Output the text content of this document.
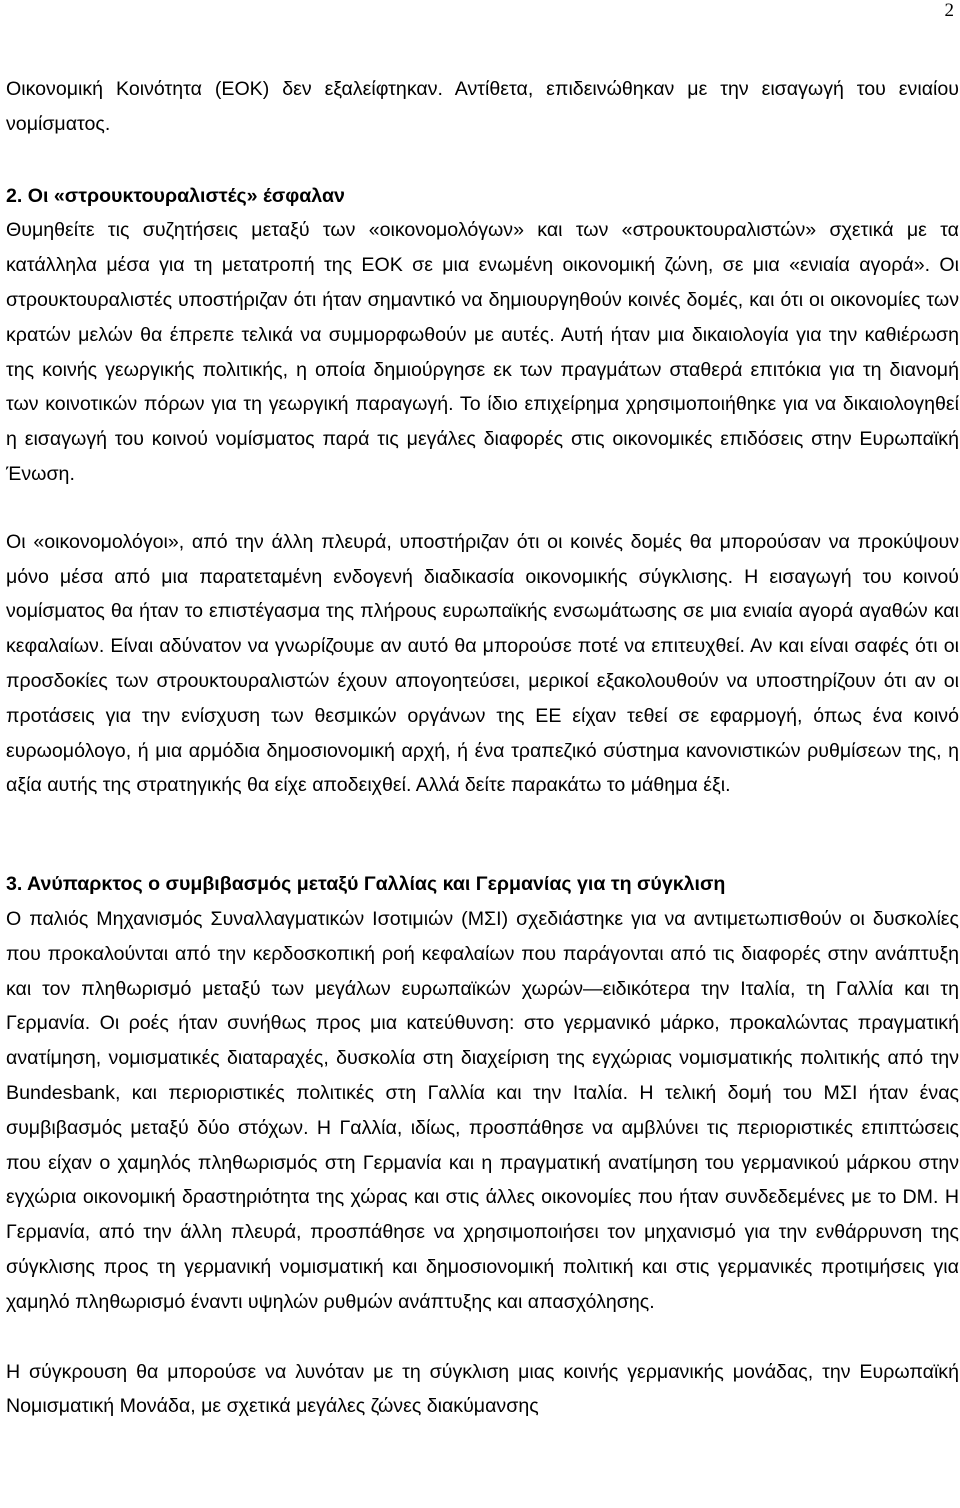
2

Οικονομική Κοινότητα (ΕΟΚ) δεν εξαλείφτηκαν. Αντίθετα, επιδεινώθηκαν με την εισαγωγή του ενιαίου νομίσματος.

2. Οι «στρουκτουραλιστές» έσφαλαν

Θυμηθείτε τις συζητήσεις μεταξύ των «οικονομολόγων» και των «στρουκτουραλιστών» σχετικά με τα κατάλληλα μέσα για τη μετατροπή της ΕΟΚ σε μια ενωμένη οικονομική ζώνη, σε μια «ενιαία αγορά». Οι στρουκτουραλιστές υποστήριζαν ότι ήταν σημαντικό να δημιουργηθούν κοινές δομές, και ότι οι οικονομίες των κρατών μελών θα έπρεπε τελικά να συμμορφωθούν με αυτές. Αυτή ήταν μια δικαιολογία για την καθιέρωση της κοινής γεωργικής πολιτικής, η οποία δημιούργησε εκ των πραγμάτων σταθερά επιτόκια για τη διανομή των κοινοτικών πόρων για τη γεωργική παραγωγή. Το ίδιο επιχείρημα χρησιμοποιήθηκε για να δικαιολογηθεί η εισαγωγή του κοινού νομίσματος παρά τις μεγάλες διαφορές στις οικονομικές επιδόσεις στην Ευρωπαϊκή Ένωση.

Οι «οικονομολόγοι», από την άλλη πλευρά, υποστήριζαν ότι οι κοινές δομές θα μπορούσαν να προκύψουν μόνο μέσα από μια παρατεταμένη ενδογενή διαδικασία οικονομικής σύγκλισης. Η εισαγωγή του κοινού νομίσματος θα ήταν το επιστέγασμα της πλήρους ευρωπαϊκής ενσωμάτωσης σε μια ενιαία αγορά αγαθών και κεφαλαίων. Είναι αδύνατον να γνωρίζουμε αν αυτό θα μπορούσε ποτέ να επιτευχθεί. Αν και είναι σαφές ότι οι προσδοκίες των στρουκτουραλιστών έχουν απογοητεύσει, μερικοί εξακολουθούν να υποστηρίζουν ότι αν οι προτάσεις για την ενίσχυση των θεσμικών οργάνων της ΕΕ είχαν τεθεί σε εφαρμογή, όπως ένα κοινό ευρωομόλογο, ή μια αρμόδια δημοσιονομική αρχή, ή ένα τραπεζικό σύστημα κανονιστικών ρυθμίσεων της, η αξία αυτής της στρατηγικής θα είχε αποδειχθεί. Αλλά δείτε παρακάτω το μάθημα έξι.

3. Ανύπαρκτος ο συμβιβασμός μεταξύ Γαλλίας και Γερμανίας για τη σύγκλιση

Ο παλιός Μηχανισμός Συναλλαγματικών Ισοτιμιών (ΜΣΙ) σχεδιάστηκε για να αντιμετωπισθούν οι δυσκολίες που προκαλούνται από την κερδοσκοπική ροή κεφαλαίων που παράγονται από τις διαφορές στην ανάπτυξη και τον πληθωρισμό μεταξύ των μεγάλων ευρωπαϊκών χωρών—ειδικότερα την Ιταλία, τη Γαλλία και τη Γερμανία. Οι ροές ήταν συνήθως προς μια κατεύθυνση: στο γερμανικό μάρκο, προκαλώντας πραγματική ανατίμηση, νομισματικές διαταραχές, δυσκολία στη διαχείριση της εγχώριας νομισματικής πολιτικής από την Bundesbank, και περιοριστικές πολιτικές στη Γαλλία και την Ιταλία. Η τελική δομή του ΜΣΙ ήταν ένας συμβιβασμός μεταξύ δύο στόχων. Η Γαλλία, ιδίως, προσπάθησε να αμβλύνει τις περιοριστικές επιπτώσεις που είχαν ο χαμηλός πληθωρισμός στη Γερμανία και η πραγματική ανατίμηση του γερμανικού μάρκου στην εγχώρια οικονομική δραστηριότητα της χώρας και στις άλλες οικονομίες που ήταν συνδεδεμένες με το DM. Η Γερμανία, από την άλλη πλευρά, προσπάθησε να χρησιμοποιήσει τον μηχανισμό για την ενθάρρυνση της σύγκλισης προς τη γερμανική νομισματική και δημοσιονομική πολιτική και στις γερμανικές προτιμήσεις για χαμηλό πληθωρισμό έναντι υψηλών ρυθμών ανάπτυξης και απασχόλησης.

Η σύγκρουση θα μπορούσε να λυνόταν με τη σύγκλιση μιας κοινής γερμανικής μονάδας, την Ευρωπαϊκή Νομισματική Μονάδα, με σχετικά μεγάλες ζώνες διακύμανσης
